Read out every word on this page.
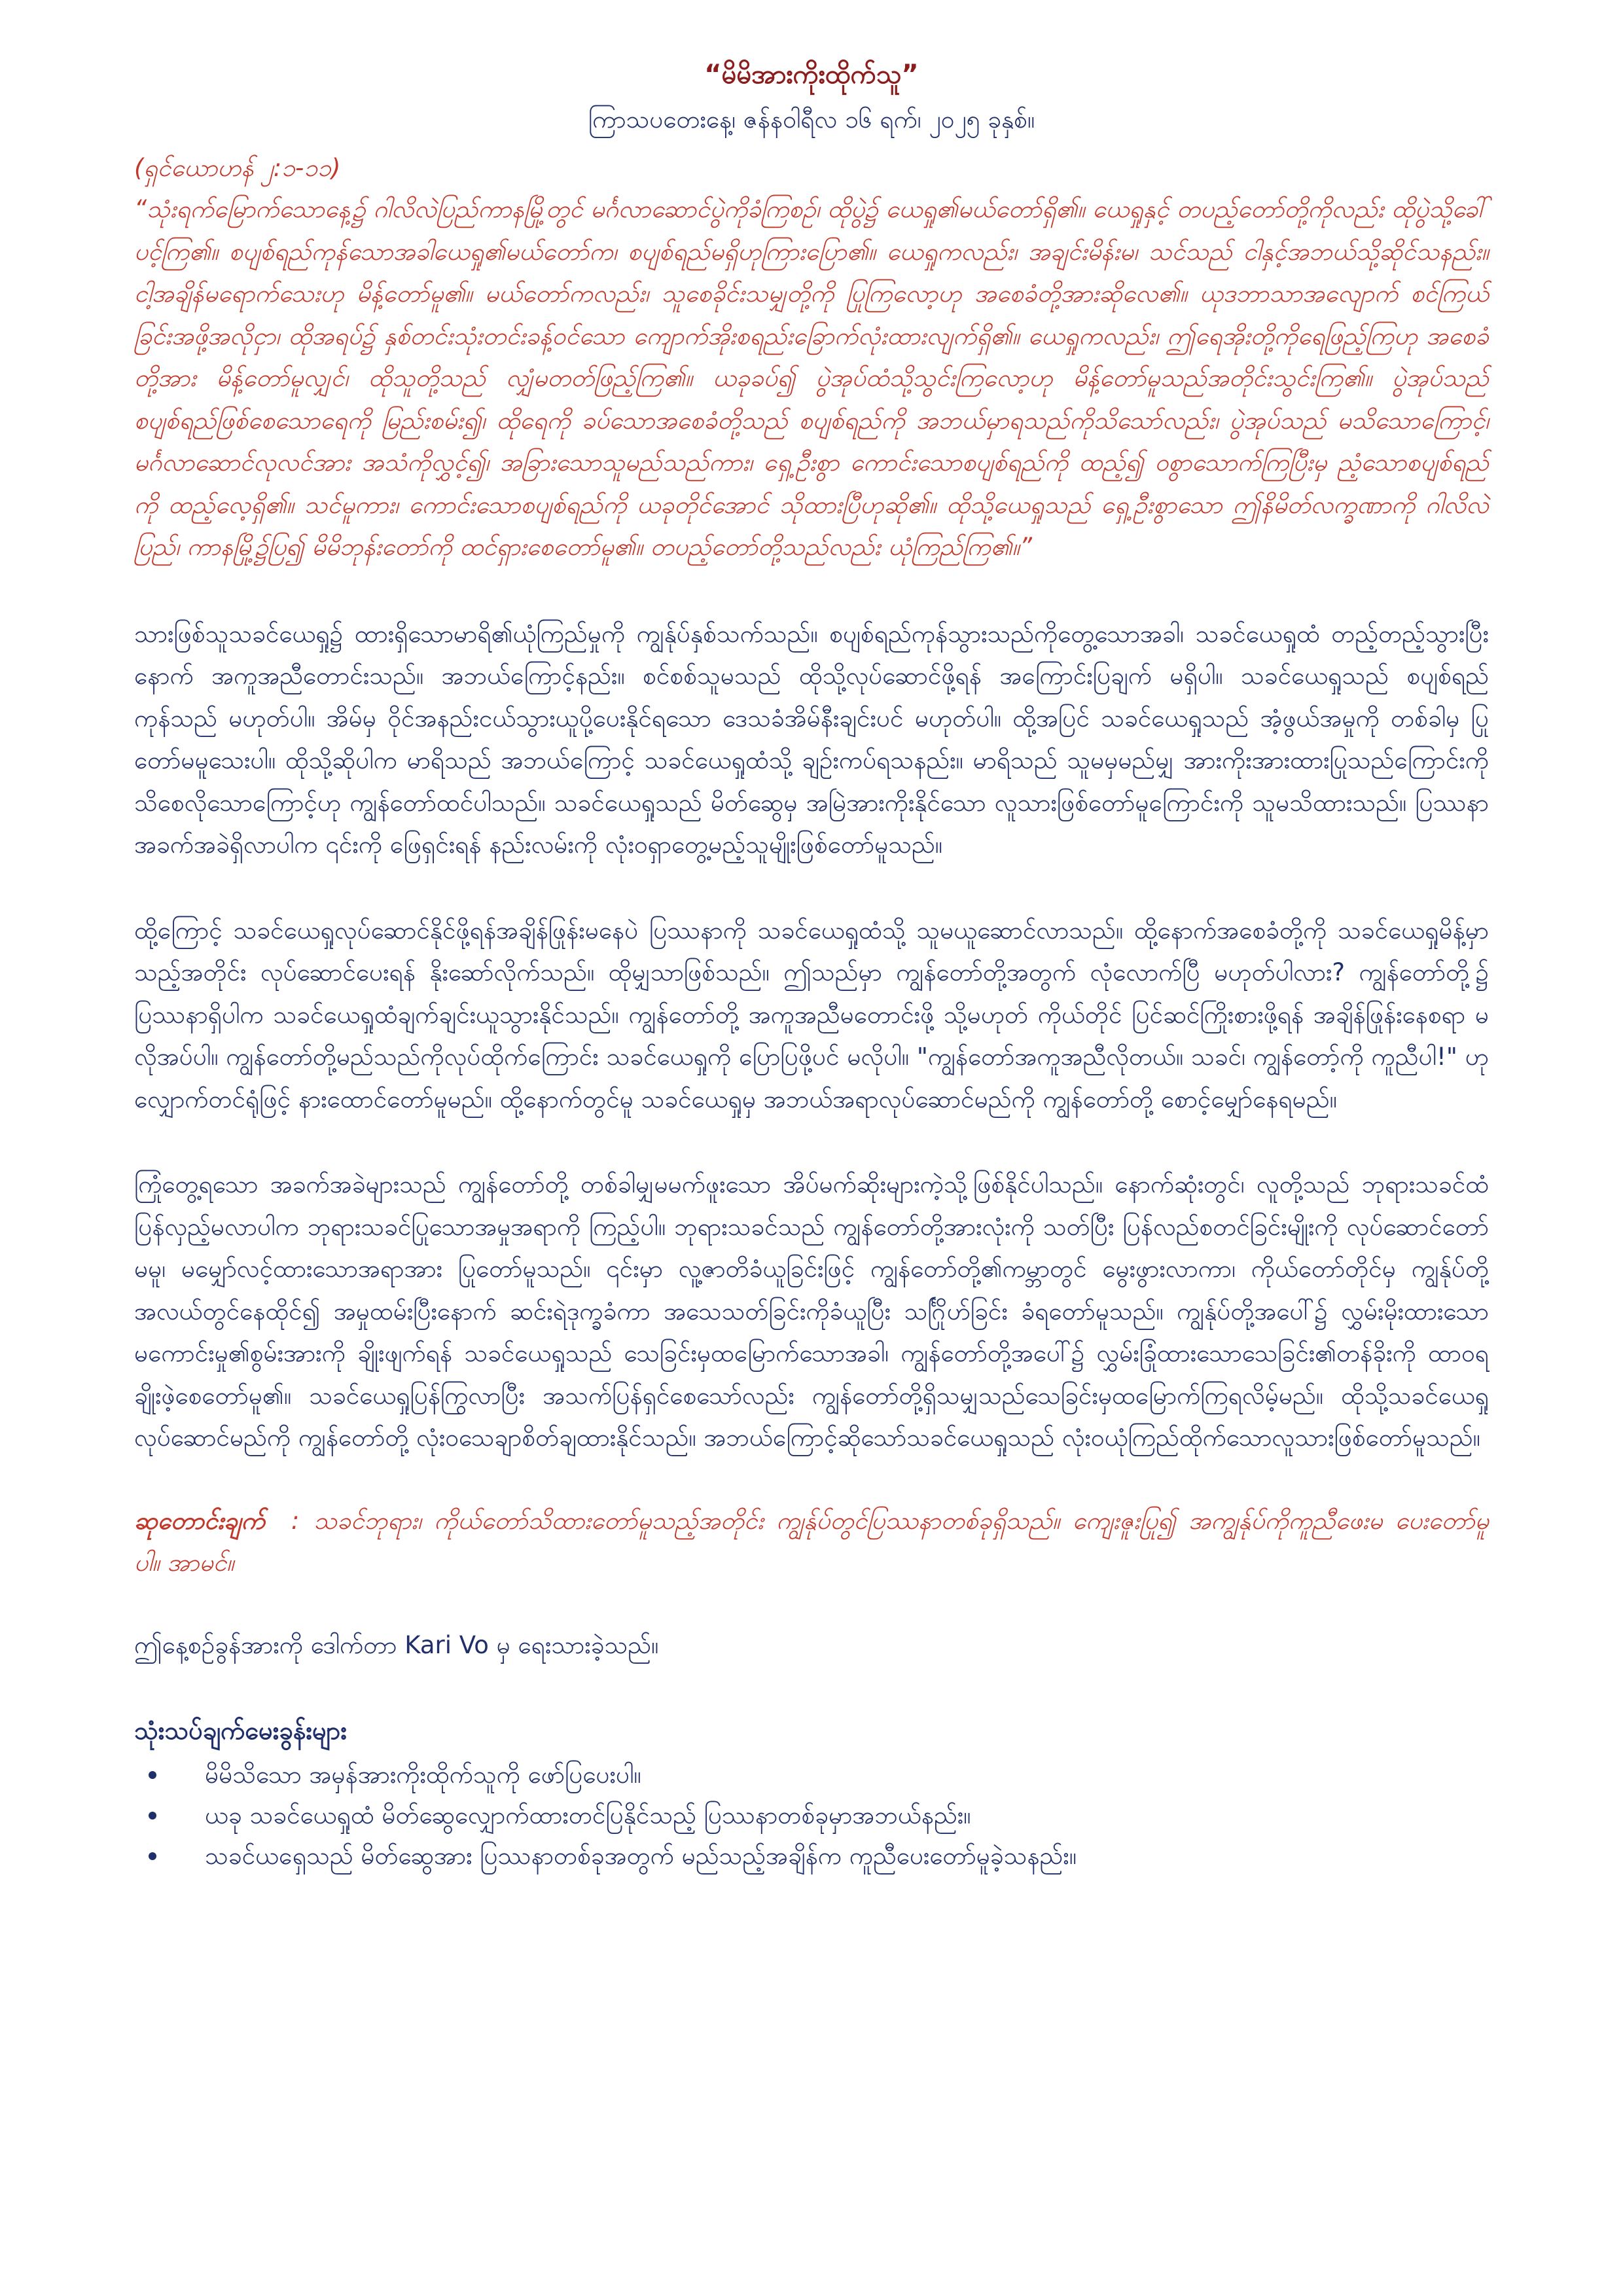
“မိမိအားကိုးထိုက်သူ”
ကြာသပတေးနေ့၊ ဇန်နဝါရီလ ၁၆ ရက်၊ ၂၀၂၅ ခုနှစ်။
(ရှင်ယောဟန် ၂:၁-၁၁)

“သုံးရက်မြောက်သောနေ့၌ ဂါလိလဲပြည်ကာနမြို့တွင် မင်္ဂလာဆောင်ပွဲကိုခံကြစဉ်၊ ထိုပွဲ၌ ယေရှု၏မယ်တော်ရှိ၏။ ယေရှုနှင့် တပည့်တော်တို့ကိုလည်း ထိုပွဲသို့ခေါ်ပင့်ကြ၏။ စပျစ်ရည်ကုန်သောအခါယေရှု၏မယ်တော်က၊ စပျစ်ရည်မရှိဟုကြားပြော၏။ ယေရှုကလည်း၊ အချင်းမိန်းမ၊ သင်သည် ငါနှင့်အဘယ်သို့ဆိုင်သနည်း။ ငါ့အချိန်မရောက်သေးဟု မိန့်တော်မူ၏။ မယ်တော်ကလည်း၊ သူစေခိုင်းသမျှတို့ကို ပြုကြလော့ဟု အစေခံတို့အားဆိုလေ၏။ ယုဒဘာသာအလျောက် စင်ကြယ်ခြင်းအဖို့အလိုငှာ၊ ထိုအရပ်၌ နှစ်တင်းသုံးတင်းခန့်ဝင်သော ကျောက်အိုးစရည်းခြောက်လုံးထားလျက်ရှိ၏။ ယေရှုကလည်း၊ ဤရေအိုးတို့ကိုရေဖြည့်ကြဟု အစေခံတို့အား မိန့်တော်မူလျှင်၊ ထိုသူတို့သည် လျှံမတတ်ဖြည့်ကြ၏။ ယခုခပ်၍ ပွဲအုပ်ထံသို့သွင်းကြလော့ဟု မိန့်တော်မူသည်အတိုင်းသွင်းကြ၏။ ပွဲအုပ်သည် စပျစ်ရည်ဖြစ်စေသောရေကို မြည်းစမ်း၍၊ ထိုရေကို ခပ်သောအစေခံတို့သည် စပျစ်ရည်ကို အဘယ်မှာရသည်ကိုသိသော်လည်း၊ ပွဲအုပ်သည် မသိသောကြောင့်၊ မင်္ဂလာဆောင်လုလင်အား အသံကိုလွှင့်၍၊ အခြားသောသူမည်သည်ကား၊ ရှေ့ဦးစွာ ကောင်းသောစပျစ်ရည်ကို ထည့်၍ ဝစွာသောက်ကြပြီးမှ ညံ့သောစပျစ်ရည်ကို ထည့်လေ့ရှိ၏။ သင်မူကား၊ ကောင်းသောစပျစ်ရည်ကို ယခုတိုင်အောင် သိုထားပြီဟုဆို၏။ ထိုသို့ယေရှုသည် ရှေ့ဦးစွာသော ဤနိမိတ်လက္ခဏာကို ဂါလိလဲပြည်၊ ကာနမြို့၌ပြ၍ မိမိဘုန်းတော်ကို ထင်ရှားစေတော်မူ၏။ တပည့်တော်တို့သည်လည်း ယုံကြည်ကြ၏။”

သားဖြစ်သူသခင်ယေရှု၌ ထားရှိသောမာရိ၏ယုံကြည်မှုကို ကျွန်ုပ်နှစ်သက်သည်။ စပျစ်ရည်ကုန်သွားသည်ကိုတွေ့သောအခါ၊ သခင်ယေရှုထံ တည့်တည့်သွားပြီးနောက် အကူအညီတောင်းသည်။ အဘယ်ကြောင့်နည်း။ စင်စစ်သူမသည် ထိုသို့လုပ်ဆောင်ဖို့ရန် အကြောင်းပြချက် မရှိပါ။ သခင်ယေရှုသည် စပျစ်ရည်ကုန်သည် မဟုတ်ပါ။ အိမ်မှ ဝိုင်အနည်းငယ်သွားယူပို့ပေးနိုင်ရသော ဒေသခံအိမ်နီးချင်းပင် မဟုတ်ပါ။ ထို့အပြင် သခင်ယေရှုသည် အံ့ဖွယ်အမှုကို တစ်ခါမှ ပြုတော်မမူသေးပါ။ ထိုသို့ဆိုပါက မာရိသည် အဘယ်ကြောင့် သခင်ယေရှုထံသို့ ချဉ်းကပ်ရသနည်း။ မာရိသည် သူမမှမည်မျှ အားကိုးအားထားပြုသည်ကြောင်းကို သိစေလိုသောကြောင့်ဟု ကျွန်တော်ထင်ပါသည်။ သခင်ယေရှုသည် မိတ်ဆွေမှ အမြဲအားကိုးနိုင်သော လူသားဖြစ်တော်မူကြောင်းကို သူမသိထားသည်။ ပြဿနာအခက်အခဲရှိလာပါက ၎င်းကို ဖြေရှင်းရန် နည်းလမ်းကို လုံးဝရှာတွေ့မည့်သူမျိုးဖြစ်တော်မူသည်။

ထို့ကြောင့် သခင်ယေရှုလုပ်ဆောင်နိုင်ဖို့ရန်အချိန်ဖြုန်းမနေပဲ ပြဿနာကို သခင်ယေရှုထံသို့ သူမယူဆောင်လာသည်။ ထို့နောက်အစေခံတို့ကို သခင်ယေရှုမိန့်မှာသည့်အတိုင်း လုပ်ဆောင်ပေးရန် နိုးဆော်လိုက်သည်။ ထိုမျှသာဖြစ်သည်။ ဤသည်မှာ ကျွန်တော်တို့အတွက် လုံလောက်ပြီ မဟုတ်ပါလား? ကျွန်တော်တို့၌ ပြဿနာရှိပါက သခင်ယေရှုထံချက်ချင်းယူသွားနိုင်သည်။ ကျွန်တော်တို့ အကူအညီမတောင်းဖို့ သို့မဟုတ် ကိုယ်တိုင် ပြင်ဆင်ကြိုးစားဖို့ရန် အချိန်ဖြုန်းနေစရာ မလိုအပ်ပါ။ ကျွန်တော်တို့မည်သည်ကိုလုပ်ထိုက်ကြောင်း သခင်ယေရှုကို ပြောပြဖို့ပင် မလိုပါ။ "ကျွန်တော်အကူအညီလိုတယ်။ သခင်၊ ကျွန်တော့်ကို ကူညီပါ!" ဟုလျှောက်တင်ရုံဖြင့် နားထောင်တော်မူမည်။ ထို့နောက်တွင်မူ သခင်ယေရှုမှ အဘယ်အရာလုပ်ဆောင်မည်ကို ကျွန်တော်တို့ စောင့်မျှော်နေရမည်။

ကြုံတွေ့ရသော အခက်အခဲများသည် ကျွန်တော်တို့ တစ်ခါမျှမမက်ဖူးသော အိပ်မက်ဆိုးများကဲ့သို့ဖြစ်နိုင်ပါသည်။ နောက်ဆုံးတွင်၊ လူတို့သည် ဘုရားသခင်ထံ ပြန်လှည့်မလာပါက ဘုရားသခင်ပြုသောအမှုအရာကို ကြည့်ပါ။ ဘုရားသခင်သည် ကျွန်တော်တို့အားလုံးကို သတ်ပြီး ပြန်လည်စတင်ခြင်းမျိုးကို လုပ်ဆောင်တော်မမူ၊ မမျှော်လင့်ထားသောအရာအား ပြုတော်မူသည်။ ၎င်းမှာ လူ့ဇာတိခံယူခြင်းဖြင့် ကျွန်တော်တို့၏ကမ္ဘာတွင် မွေးဖွားလာကာ၊ ကိုယ်တော်တိုင်မှ ကျွန်ုပ်တို့အလယ်တွင်နေထိုင်၍ အမှုထမ်းပြီးနောက် ဆင်းရဲဒုက္ခခံကာ အသေသတ်ခြင်းကိုခံယူပြီး သင်္ဂြိုဟ်ခြင်း ခံရတော်မူသည်။ ကျွန်ုပ်တို့အပေါ်၌ လွှမ်းမိုးထားသောမကောင်းမှု၏စွမ်းအားကို ချိုးဖျက်ရန် သခင်ယေရှုသည် သေခြင်းမှထမြောက်သောအခါ၊ ကျွန်တော်တို့အပေါ်၌ လွှမ်းခြုံထားသောသေခြင်း၏တန်ခိုးကို ထာဝရချိုးဖဲ့စေတော်မူ၏။ သခင်ယေရှုပြန်ကြွလာပြီး အသက်ပြန်ရှင်စေသော်လည်း ကျွန်တော်တို့ရှိသမျှသည်သေခြင်းမှထမြောက်ကြရလိမ့်မည်။ ထိုသို့သခင်ယေရှုလုပ်ဆောင်မည်ကို ကျွန်တော်တို့ လုံးဝသေချာစိတ်ချထားနိုင်သည်။ အဘယ်ကြောင့်ဆိုသော်သခင်ယေရှုသည် လုံးဝယုံကြည်ထိုက်သောလူသားဖြစ်တော်မူသည်။

ဆုတောင်းချက် : သခင်ဘုရား၊ ကိုယ်တော်သိထားတော်မူသည့်အတိုင်း ကျွန်ုပ်တွင်ပြဿနာတစ်ခုရှိသည်။ ကျေးဇူးပြု၍ အကျွန်ုပ်ကိုကူညီဖေးမ ပေးတော်မူပါ။ အာမင်။

ဤနေ့စဉ်ခွန်အားကို ဒေါက်တာ Kari Vo မှ ရေးသားခဲ့သည်။

သုံးသပ်ချက်မေးခွန်းများ
မိမိသိသော အမှန်အားကိုးထိုက်သူကို ဖော်ပြပေးပါ။
ယခု သခင်ယေရှုထံ မိတ်ဆွေလျှောက်ထားတင်ပြနိုင်သည့် ပြဿနာတစ်ခုမှာအဘယ်နည်း။
သခင်ယရှေသည် မိတ်ဆွေအား ပြဿနာတစ်ခုအတွက် မည်သည့်အချိန်က ကူညီပေးတော်မူခဲ့သနည်း။
